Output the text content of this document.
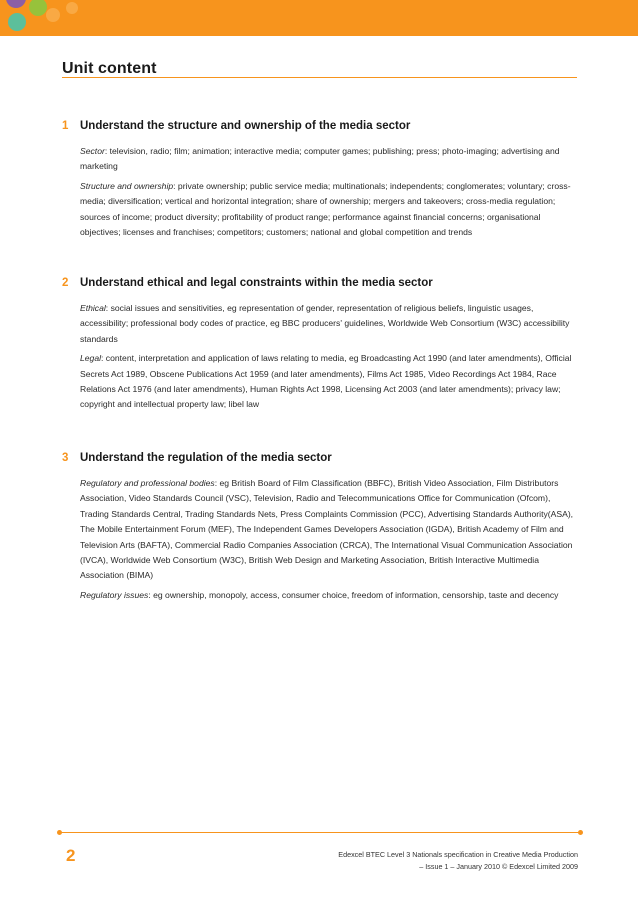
Unit content
1 Understand the structure and ownership of the media sector

Sector: television, radio; film; animation; interactive media; computer games; publishing; press; photo-imaging; advertising and marketing

Structure and ownership: private ownership; public service media; multinationals; independents; conglomerates; voluntary; cross-media; diversification; vertical and horizontal integration; share of ownership; mergers and takeovers; cross-media regulation; sources of income; product diversity; profitability of product range; performance against financial concerns; organisational objectives; licenses and franchises; competitors; customers; national and global competition and trends

2 Understand ethical and legal constraints within the media sector

Ethical: social issues and sensitivities, eg representation of gender, representation of religious beliefs, linguistic usages, accessibility; professional body codes of practice, eg BBC producers' guidelines, Worldwide Web Consortium (W3C) accessibility standards

Legal: content, interpretation and application of laws relating to media, eg Broadcasting Act 1990 (and later amendments), Official Secrets Act 1989, Obscene Publications Act 1959 (and later amendments), Films Act 1985, Video Recordings Act 1984, Race Relations Act 1976 (and later amendments), Human Rights Act 1998, Licensing Act 2003 (and later amendments); privacy law; copyright and intellectual property law; libel law

3 Understand the regulation of the media sector

Regulatory and professional bodies: eg British Board of Film Classification (BBFC), British Video Association, Film Distributors Association, Video Standards Council (VSC), Television, Radio and Telecommunications Office for Communication (Ofcom), Trading Standards Central, Trading Standards Nets, Press Complaints Commission (PCC), Advertising Standards Authority(ASA), The Mobile Entertainment Forum (MEF), The Independent Games Developers Association (IGDA), British Academy of Film and Television Arts (BAFTA), Commercial Radio Companies Association (CRCA), The International Visual Communication Association (IVCA), Worldwide Web Consortium (W3C), British Web Design and Marketing Association, British Interactive Multimedia Association (BIMA)

Regulatory issues: eg ownership, monopoly, access, consumer choice, freedom of information, censorship, taste and decency

2	Edexcel BTEC Level 3 Nationals specification in Creative Media Production
– Issue 1 – January 2010 © Edexcel Limited 2009
